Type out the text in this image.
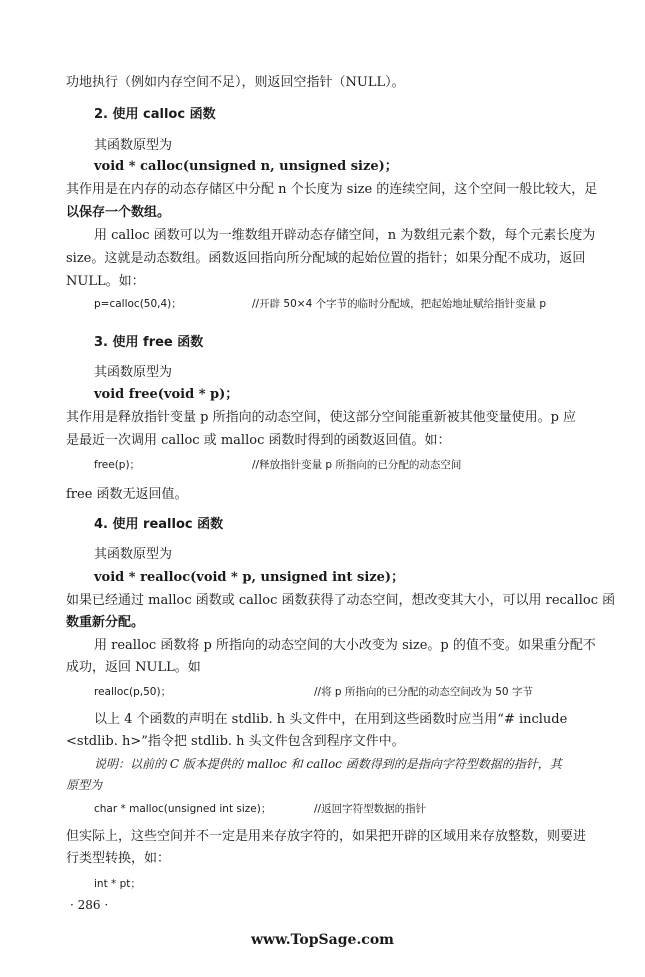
功地执行（例如内存空间不足），则返回空指针（NULL）。
2. 使用 calloc 函数
其函数原型为
void * calloc(unsigned n, unsigned size)；
其作用是在内存的动态存储区中分配 n 个长度为 size 的连续空间，这个空间一般比较大，足
以保存一个数组。
用 calloc 函数可以为一维数组开辟动态存储空间，n 为数组元素个数，每个元素长度为
size。这就是动态数组。函数返回指向所分配域的起始位置的指针；如果分配不成功，返回
NULL。如：
p=calloc(50,4)；	//开辟 50×4 个字节的临时分配域，把起始地址赋给指针变量 p
3. 使用 free 函数
其函数原型为
void free(void * p)；
其作用是释放指针变量 p 所指向的动态空间，使这部分空间能重新被其他变量使用。p 应
是最近一次调用 calloc 或 malloc 函数时得到的函数返回值。如：
free(p)；	//释放指针变量 p 所指向的已分配的动态空间
free 函数无返回值。
4. 使用 realloc 函数
其函数原型为
void * realloc(void * p, unsigned int size)；
如果已经通过 malloc 函数或 calloc 函数获得了动态空间，想改变其大小，可以用 recalloc 函
数重新分配。
用 realloc 函数将 p 所指向的动态空间的大小改变为 size。p 的值不变。如果重分配不
成功，返回 NULL。如
realloc(p,50)；	//将 p 所指向的已分配的动态空间改为 50 字节
以上 4 个函数的声明在 stdlib. h 头文件中，在用到这些函数时应当用“# include
<stdlib. h>”指令把 stdlib. h 头文件包含到程序文件中。
说明：以前的 C 版本提供的 malloc 和 calloc 函数得到的是指向字符型数据的指针，其
原型为
char * malloc(unsigned int size)；	//返回字符型数据的指针
但实际上，这些空间并不一定是用来存放字符的，如果把开辟的区域用来存放整数，则要进
行类型转换，如：
int * pt；
· 286 ·
www.TopSage.com
